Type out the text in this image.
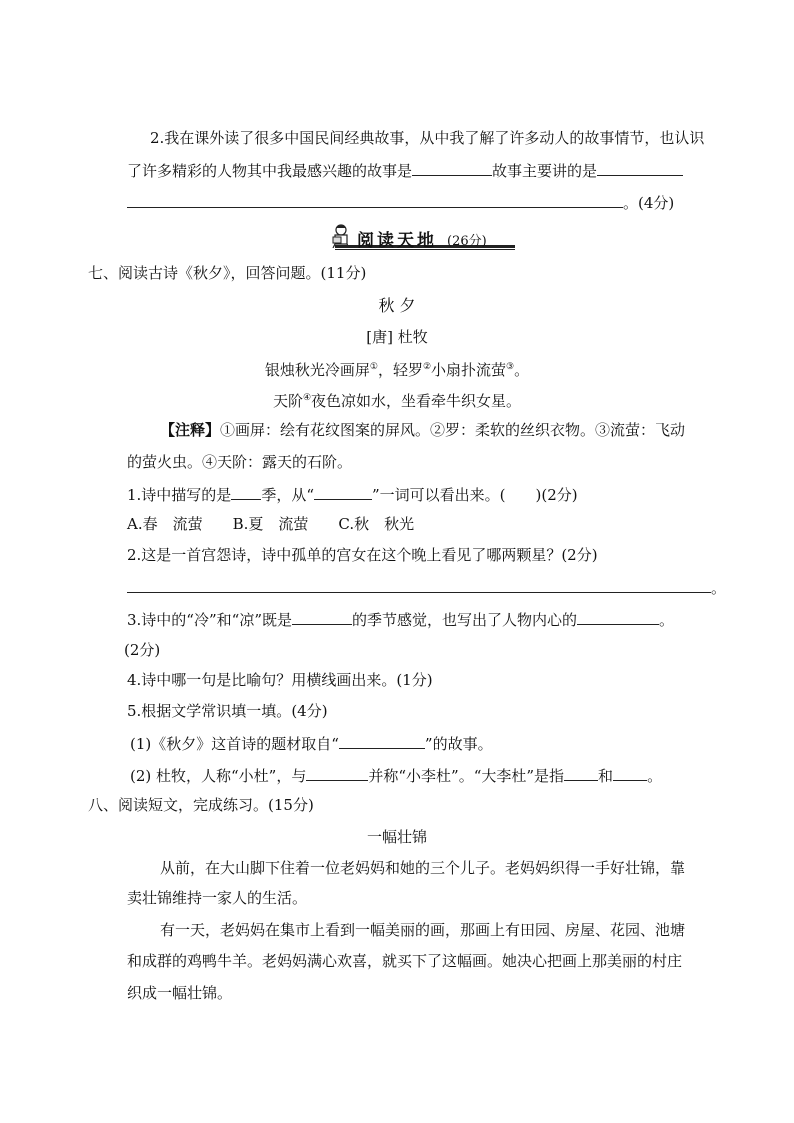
2.我在课外读了很多中国民间经典故事，从中我了解了许多动人的故事情节，也认识
了许多精彩的人物其中我最感兴趣的故事是	故事主要讲的是
。(4分)
阅读天地 (26分)
七、阅读古诗《秋夕》，回答问题。(11分)
秋 夕
[唐] 杜牧
银烛秋光冷画屏①，轻罗②小扇扑流萤③。
天阶④夜色凉如水，坐看牵牛织女星。
【注释】①画屏：绘有花纹图案的屏风。②罗：柔软的丝织衣物。③流萤：飞动
的萤火虫。④天阶：露天的石阶。
1.诗中描写的是 季，从“	”一词可以看出来。(　　)(2分)
A.春　流萤　　B.夏　流萤　　C.秋　秋光
2.这是一首宫怨诗，诗中孤单的宫女在这个晚上看见了哪两颗星？(2分)
。
3.诗中的“冷”和“凉”既是	的季节感觉，也写出了人物内心的	。
(2分)
4.诗中哪一句是比喻句？用横线画出来。(1分)
5.根据文学常识填一填。(4分)
(1)《秋夕》这首诗的题材取自“	”的故事。
(2) 杜牧，人称“小杜”，与	并称“小李杜”。“大李杜”是指 和 。
八、阅读短文，完成练习。(15分)
一幅壮锦
从前，在大山脚下住着一位老妈妈和她的三个儿子。老妈妈织得一手好壮锦，靠
卖壮锦维持一家人的生活。
有一天，老妈妈在集市上看到一幅美丽的画，那画上有田园、房屋、花园、池塘
和成群的鸡鸭牛羊。老妈妈满心欢喜，就买下了这幅画。她决心把画上那美丽的村庄
织成一幅壮锦。
